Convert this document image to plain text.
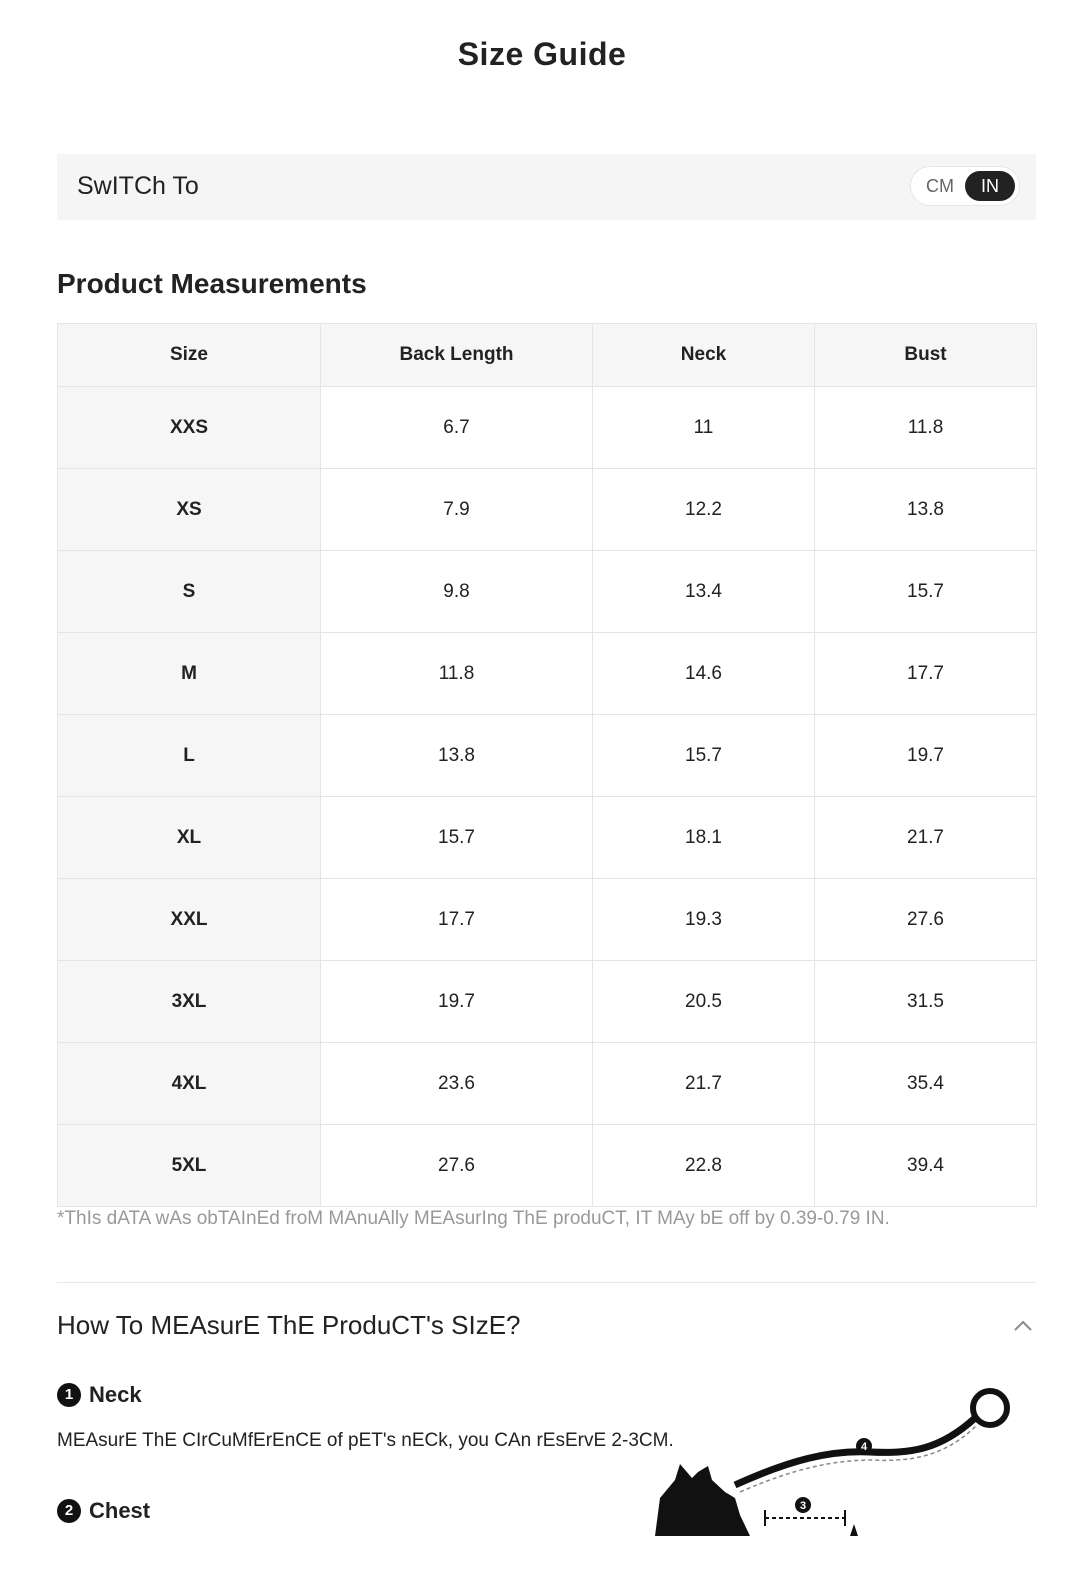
Size Guide
SwITCh To	CM	IN
Product Measurements
Size	Back Length	Neck	Bust
XXS	6.7	11	11.8
XS	7.9	12.2	13.8
S	9.8	13.4	15.7
M	11.8	14.6	17.7
L	13.8	15.7	19.7
XL	15.7	18.1	21.7
XXL	17.7	19.3	27.6
3XL	19.7	20.5	31.5
4XL	23.6	21.7	35.4
5XL	27.6	22.8	39.4
*ThIs dATA wAs obTAInEd froM MAnuAlly MEAsurIng ThE produCT, IT MAy bE off by 0.39-0.79 IN.
How To MEAsurE ThE ProduCT's SIzE?
1 Neck
MEAsurE ThE CIrCuMfErEnCE of pET's nECk, you CAn rEsErvE 2-3CM.
2 Chest	3
4
